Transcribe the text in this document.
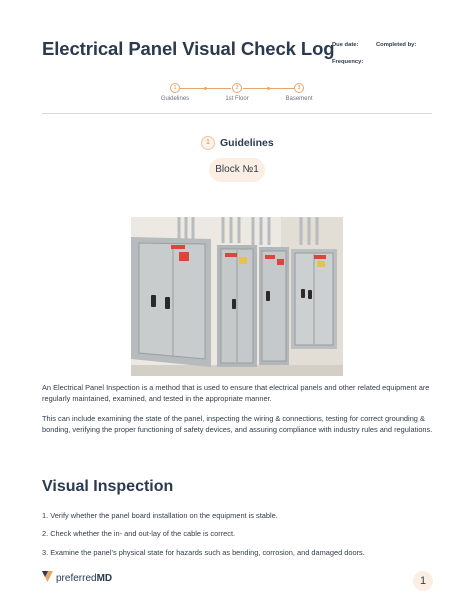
Electrical Panel Visual Check Log
Due date:	Completed by:
Frequency:
1	2	3
Guidelines	1st Floor	Basement
1 Guidelines
Block №1
An Electrical Panel Inspection is a method that is used to ensure that electrical panels and other related equipment are regularly maintained, examined, and tested in the appropriate manner.
This can include examining the state of the panel, inspecting the wiring & connections, testing for correct grounding & bonding, verifying the proper functioning of safety devices, and assuring compliance with industry rules and regulations.
Visual Inspection
1. Verify whether the panel board installation on the equipment is stable.
2. Check whether the in- and out-lay of the cable is correct.
3. Examine the panel’s physical state for hazards such as bending, corrosion, and damaged doors.
preferredMD	1
